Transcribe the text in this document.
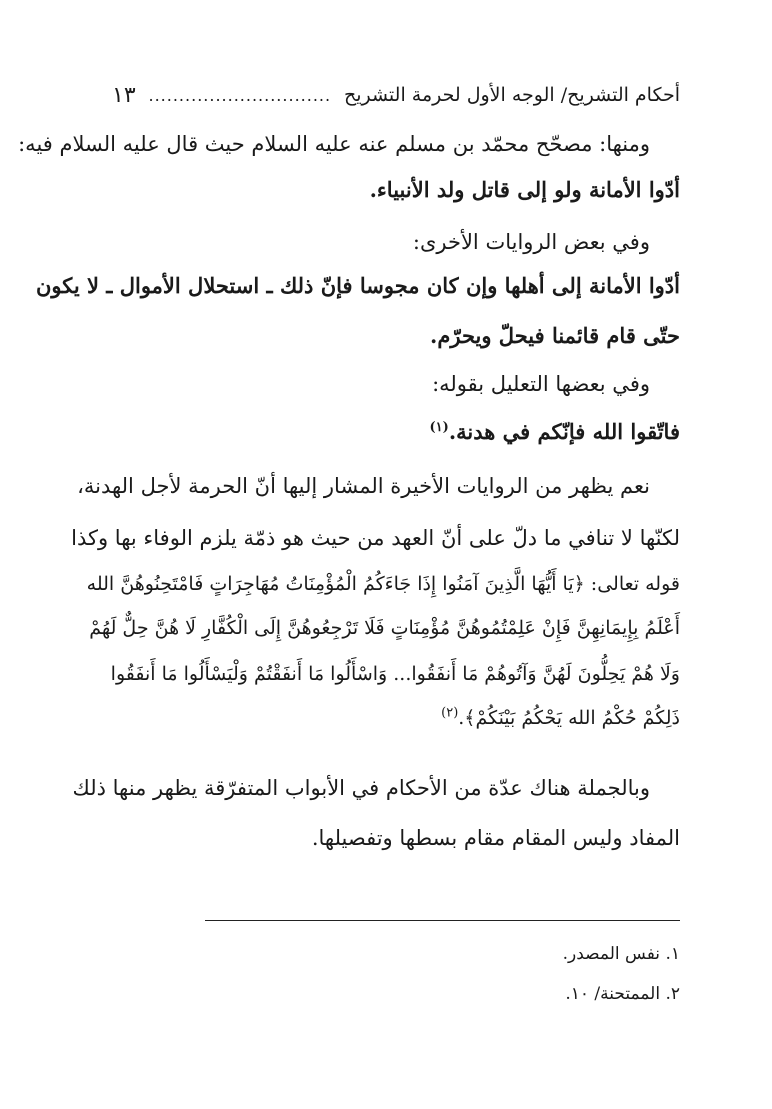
أحكام التشريح/ الوجه الأول لحرمة التشريح
..............................
١٣
ومنها: مصحّح محمّد بن مسلم عنه عليه السلام حيث قال عليه السلام فيه:
أدّوا الأمانة ولو إلى قاتل ولد الأنبياء.
وفي بعض الروايات الأخرى:
أدّوا الأمانة إلى أهلها وإن كان مجوسا فإنّ ذلك ـ استحلال الأموال ـ لا يكون
حتّى قام قائمنا فيحلّ ويحرّم.
وفي بعضها التعليل بقوله:
فاتّقوا الله فإنّكم في هدنة.$^{(١)}$
نعم يظهر من الروايات الأخيرة المشار إليها أنّ الحرمة لأجل الهدنة،
لكنّها لا تنافي ما دلّ على أنّ العهد من حيث هو ذمّة يلزم الوفاء بها وكذا
قوله تعالى: ﴿يَا أَيُّهَا الَّذِينَ آمَنُوا إِذَا جَاءَكُمُ الْمُؤْمِنَاتُ مُهَاجِرَاتٍ فَامْتَحِنُوهُنَّ الله
أَعْلَمُ بِإِيمَانِهِنَّ فَإِنْ عَلِمْتُمُوهُنَّ مُؤْمِنَاتٍ فَلَا تَرْجِعُوهُنَّ إِلَى الْكُفَّارِ لَا هُنَّ حِلٌّ لَهُمْ
وَلَا هُمْ يَحِلُّونَ لَهُنَّ وَآتُوهُمْ مَا أَنفَقُوا... وَاسْأَلُوا مَا أَنفَقْتُمْ وَلْيَسْأَلُوا مَا أَنفَقُوا
ذَلِكُمْ حُكْمُ الله يَحْكُمُ بَيْنَكُمْ﴾.$^{(٢)}$
وبالجملة هناك عدّة من الأحكام في الأبواب المتفرّقة يظهر منها ذلك
المفاد وليس المقام مقام بسطها وتفصيلها.
١. نفس المصدر.
٢. الممتحنة/ ١٠.
